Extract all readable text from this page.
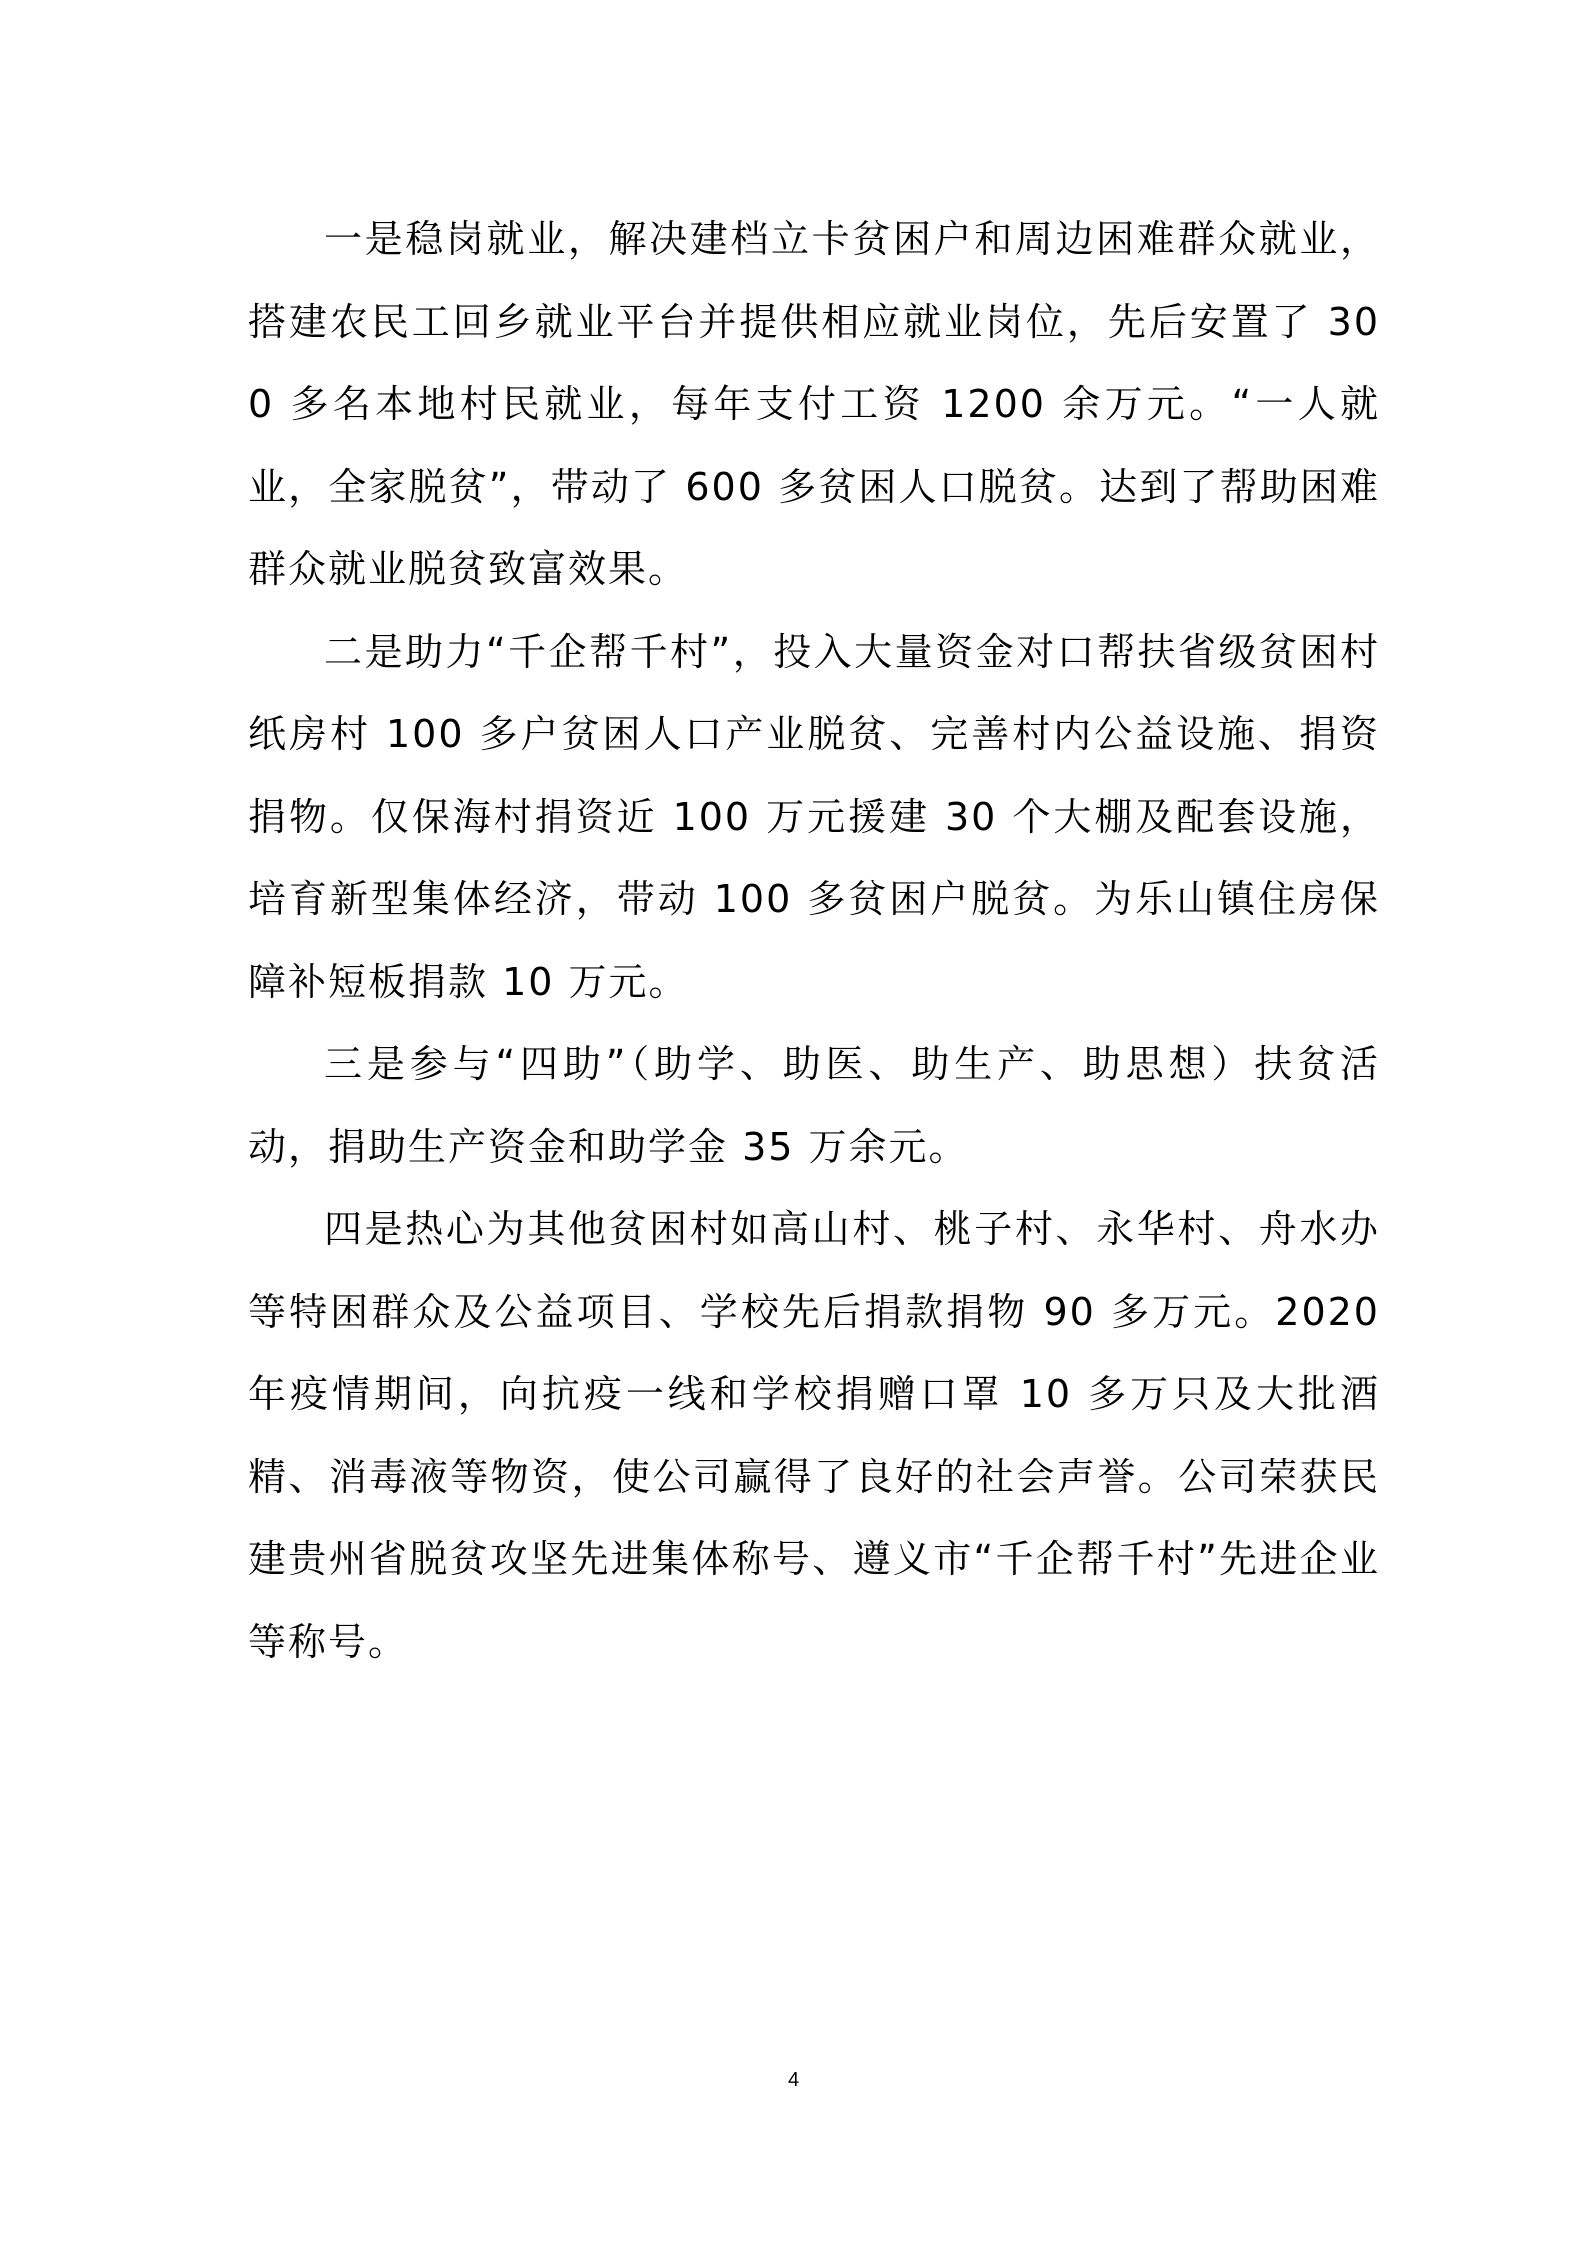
一是稳岗就业，解决建档立卡贫困户和周边困难群众就业，搭建农民工回乡就业平台并提供相应就业岗位，先后安置了 300 多名本地村民就业，每年支付工资 1200 余万元。“一人就业，全家脱贫”，带动了 600 多贫困人口脱贫。达到了帮助困难群众就业脱贫致富效果。

二是助力“千企帮千村”，投入大量资金对口帮扶省级贫困村纸房村 100 多户贫困人口产业脱贫、完善村内公益设施、捐资捐物。仅保海村捐资近 100 万元援建 30 个大棚及配套设施，培育新型集体经济，带动 100 多贫困户脱贫。为乐山镇住房保障补短板捐款 10 万元。

三是参与“四助”（助学、助医、助生产、助思想）扶贫活动，捐助生产资金和助学金 35 万余元。

四是热心为其他贫困村如高山村、桃子村、永华村、舟水办等特困群众及公益项目、学校先后捐款捐物 90 多万元。2020 年疫情期间，向抗疫一线和学校捐赠口罩 10 多万只及大批酒精、消毒液等物资，使公司赢得了良好的社会声誉。公司荣获民建贵州省脱贫攻坚先进集体称号、遵义市“千企帮千村”先进企业等称号。

4
